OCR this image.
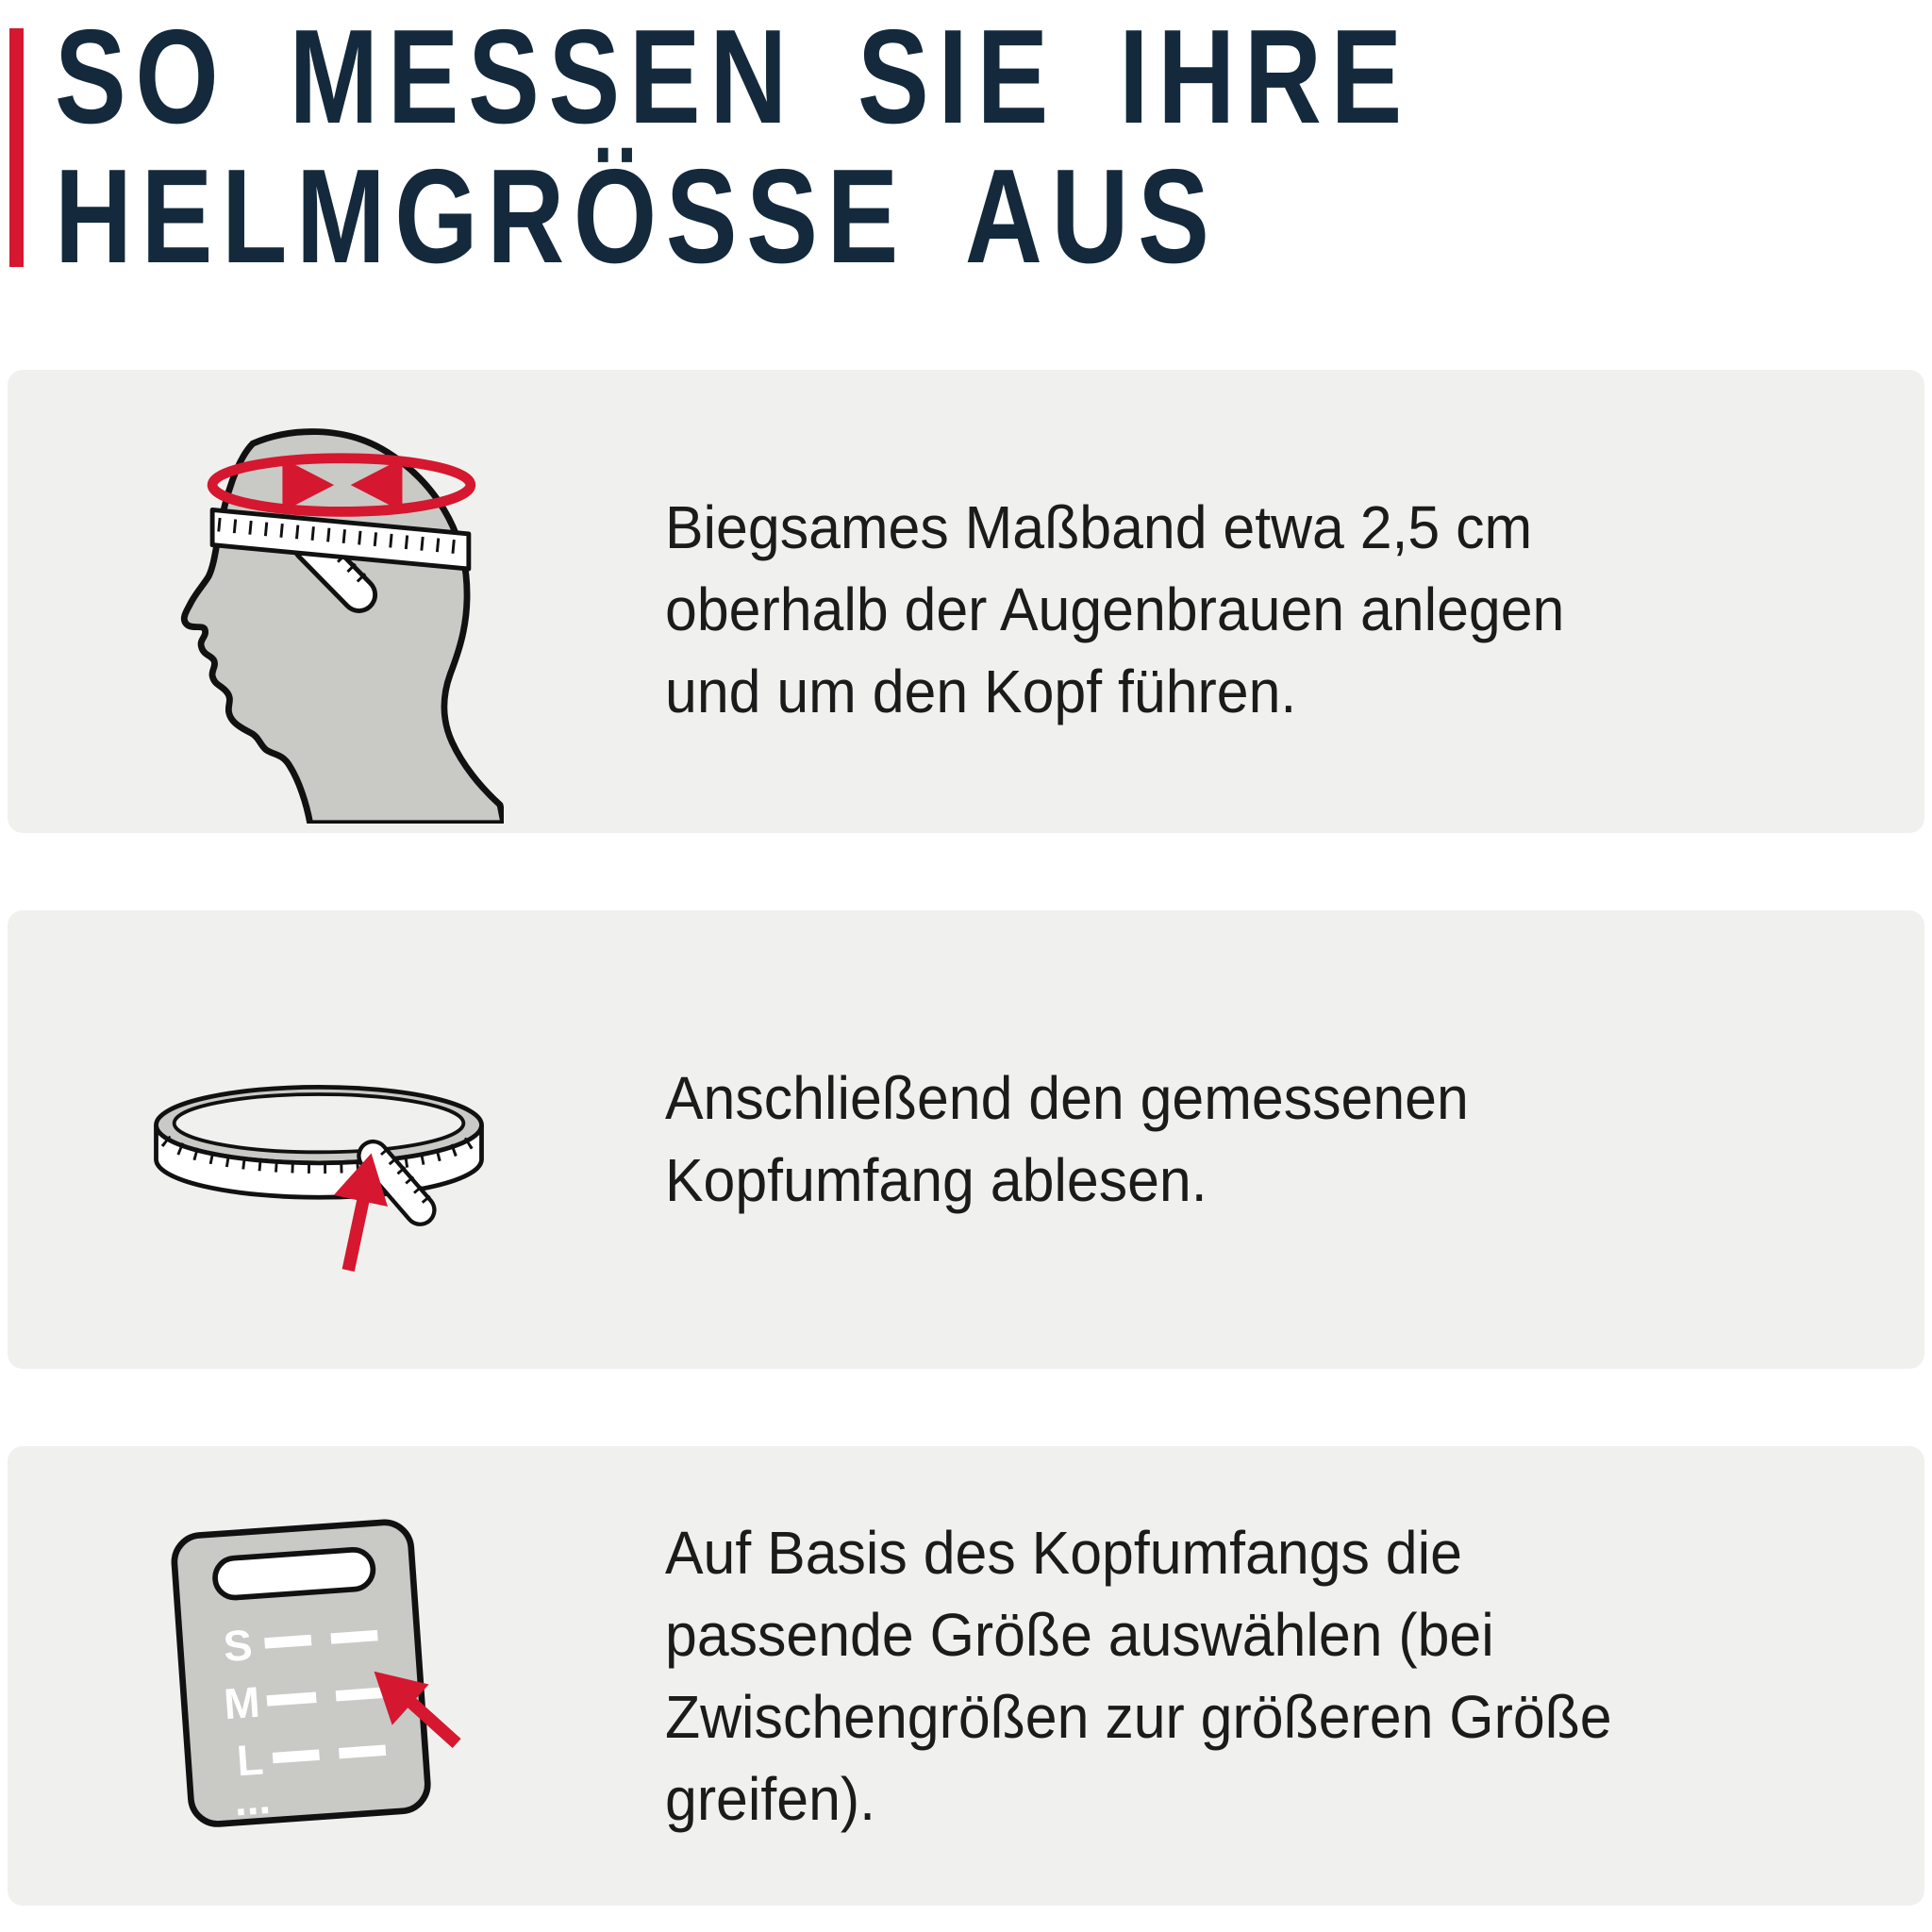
SO MESSEN SIE IHRE
HELMGRÖSSE AUS
Biegsames Maßband etwa 2,5 cm
oberhalb der Augenbrauen anlegen
und um den Kopf führen.
Anschließend den gemessenen
Kopfumfang ablesen.
S
M
L
...
Auf Basis des Kopfumfangs die
passende Größe auswählen (bei
Zwischengrößen zur größeren Größe
greifen).
